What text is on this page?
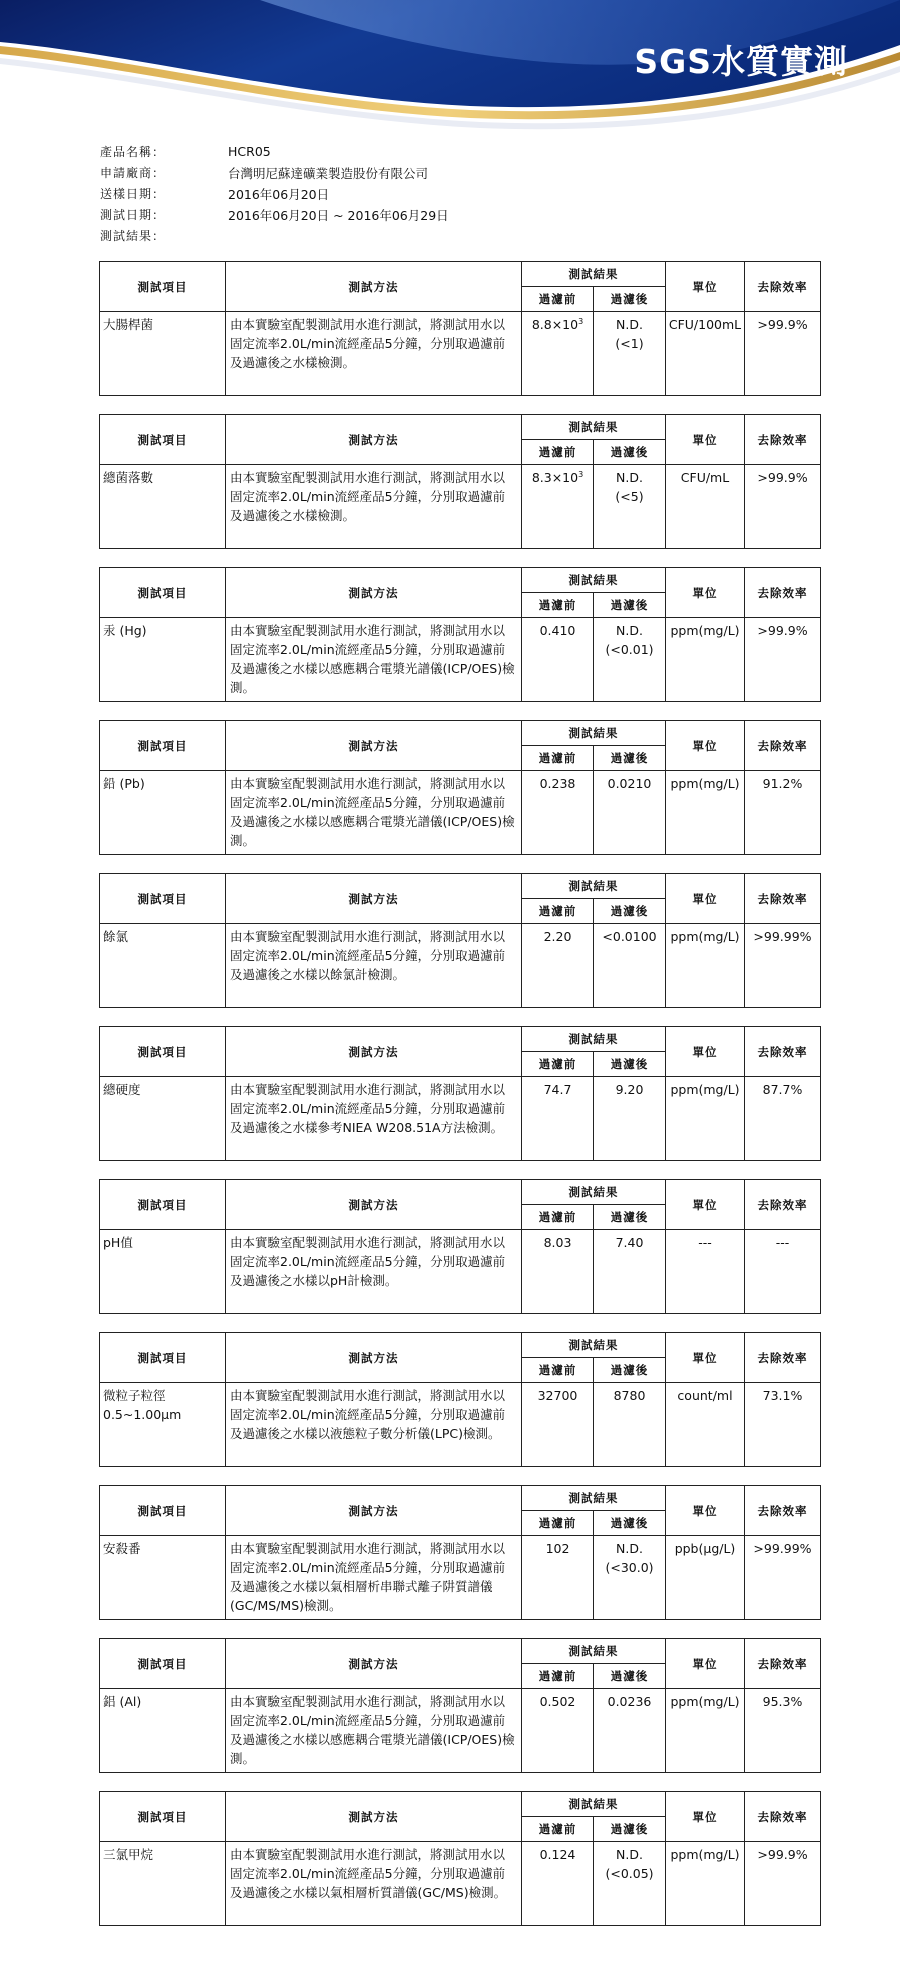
SGS水質實測
產品名稱：	HCR05
申請廠商：	台灣明尼蘇達礦業製造股份有限公司
送樣日期：	2016年06月20日
測試日期：	2016年06月20日 ~ 2016年06月29日
測試結果：
測試項目	測試方法	測試結果		單位	去除效率
		過濾前	過濾後		
大腸桿菌	由本實驗室配製測試用水進行測試，將測試用水以固定流率2.0L/min流經產品5分鐘，分別取過濾前及過濾後之水樣檢測。	$8.8\times 10^3$	N.D.
(<1)	CFU/100mL	>99.9%
測試項目	測試方法	測試結果		單位	去除效率
		過濾前	過濾後		
總菌落數	由本實驗室配製測試用水進行測試，將測試用水以固定流率2.0L/min流經產品5分鐘，分別取過濾前及過濾後之水樣檢測。	$8.3\times 10^3$	N.D.
(<5)	CFU/mL	>99.9%
測試項目	測試方法	測試結果		單位	去除效率
		過濾前	過濾後		
汞 (Hg)	由本實驗室配製測試用水進行測試，將測試用水以固定流率2.0L/min流經產品5分鐘，分別取過濾前及過濾後之水樣以感應耦合電漿光譜儀(ICP/OES)檢測。	0.410	N.D.
(<0.01)	ppm(mg/L)	>99.9%
測試項目	測試方法	測試結果		單位	去除效率
		過濾前	過濾後		
鉛 (Pb)	由本實驗室配製測試用水進行測試，將測試用水以固定流率2.0L/min流經產品5分鐘，分別取過濾前及過濾後之水樣以感應耦合電漿光譜儀(ICP/OES)檢測。	0.238	0.0210	ppm(mg/L)	91.2%
測試項目	測試方法	測試結果		單位	去除效率
		過濾前	過濾後		
餘氯	由本實驗室配製測試用水進行測試，將測試用水以固定流率2.0L/min流經產品5分鐘，分別取過濾前及過濾後之水樣以餘氯計檢測。	2.20	<0.0100	ppm(mg/L)	>99.99%
測試項目	測試方法	測試結果		單位	去除效率
		過濾前	過濾後		
總硬度	由本實驗室配製測試用水進行測試，將測試用水以固定流率2.0L/min流經產品5分鐘，分別取過濾前及過濾後之水樣參考NIEA W208.51A方法檢測。	74.7	9.20	ppm(mg/L)	87.7%
測試項目	測試方法	測試結果		單位	去除效率
		過濾前	過濾後		
pH值	由本實驗室配製測試用水進行測試，將測試用水以固定流率2.0L/min流經產品5分鐘，分別取過濾前及過濾後之水樣以pH計檢測。	8.03	7.40	---	---
測試項目	測試方法	測試結果		單位	去除效率
		過濾前	過濾後		
微粒子粒徑 0.5~1.00μm	由本實驗室配製測試用水進行測試，將測試用水以固定流率2.0L/min流經產品5分鐘，分別取過濾前及過濾後之水樣以液態粒子數分析儀(LPC)檢測。	32700	8780	count/ml	73.1%
測試項目	測試方法	測試結果		單位	去除效率
		過濾前	過濾後		
安殺番	由本實驗室配製測試用水進行測試，將測試用水以固定流率2.0L/min流經產品5分鐘，分別取過濾前及過濾後之水樣以氣相層析串聯式離子阱質譜儀(GC/MS/MS)檢測。	102	N.D.
(<30.0)	ppb(μg/L)	>99.99%
測試項目	測試方法	測試結果		單位	去除效率
		過濾前	過濾後		
鋁 (Al)	由本實驗室配製測試用水進行測試，將測試用水以固定流率2.0L/min流經產品5分鐘，分別取過濾前及過濾後之水樣以感應耦合電漿光譜儀(ICP/OES)檢測。	0.502	0.0236	ppm(mg/L)	95.3%
測試項目	測試方法	測試結果		單位	去除效率
		過濾前	過濾後		
三氯甲烷	由本實驗室配製測試用水進行測試，將測試用水以固定流率2.0L/min流經產品5分鐘，分別取過濾前及過濾後之水樣以氣相層析質譜儀(GC/MS)檢測。	0.124	N.D.
(<0.05)	ppm(mg/L)	>99.9%
